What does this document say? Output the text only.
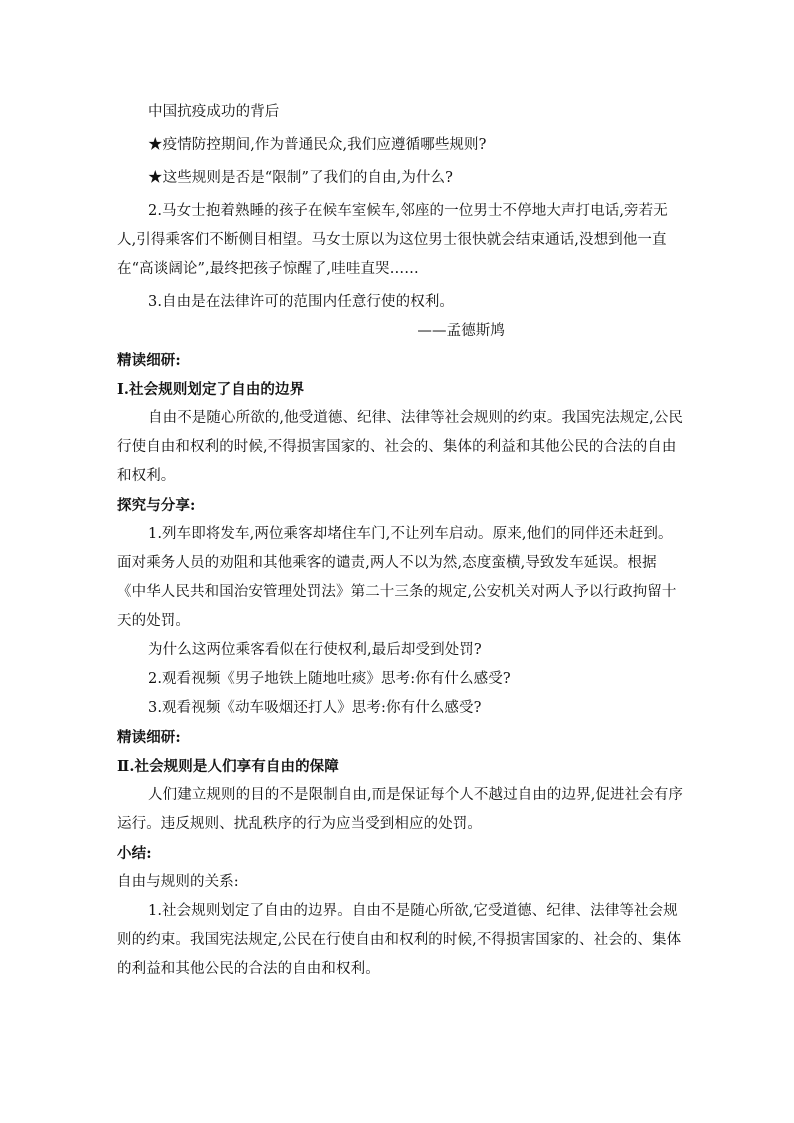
中国抗疫成功的背后

★疫情防控期间,作为普通民众,我们应遵循哪些规则?

★这些规则是否是“限制”了我们的自由,为什么?

2.马女士抱着熟睡的孩子在候车室候车,邻座的一位男士不停地大声打电话,旁若无人,引得乘客们不断侧目相望。马女士原以为这位男士很快就会结束通话,没想到他一直在“高谈阔论”,最终把孩子惊醒了,哇哇直哭……

3.自由是在法律许可的范围内任意行使的权利。

——孟德斯鸠

精读细研:

Ⅰ.社会规则划定了自由的边界

自由不是随心所欲的,他受道德、纪律、法律等社会规则的约束。我国宪法规定,公民行使自由和权利的时候,不得损害国家的、社会的、集体的利益和其他公民的合法的自由和权利。

探究与分享:

1.列车即将发车,两位乘客却堵住车门,不让列车启动。原来,他们的同伴还未赶到。面对乘务人员的劝阻和其他乘客的谴责,两人不以为然,态度蛮横,导致发车延误。根据《中华人民共和国治安管理处罚法》第二十三条的规定,公安机关对两人予以行政拘留十天的处罚。

为什么这两位乘客看似在行使权利,最后却受到处罚?

2.观看视频《男子地铁上随地吐痰》思考:你有什么感受?

3.观看视频《动车吸烟还打人》思考:你有什么感受?

精读细研:

Ⅱ.社会规则是人们享有自由的保障

人们建立规则的目的不是限制自由,而是保证每个人不越过自由的边界,促进社会有序运行。违反规则、扰乱秩序的行为应当受到相应的处罚。

小结:

自由与规则的关系:

1.社会规则划定了自由的边界。自由不是随心所欲,它受道德、纪律、法律等社会规则的约束。我国宪法规定,公民在行使自由和权利的时候,不得损害国家的、社会的、集体的利益和其他公民的合法的自由和权利。
